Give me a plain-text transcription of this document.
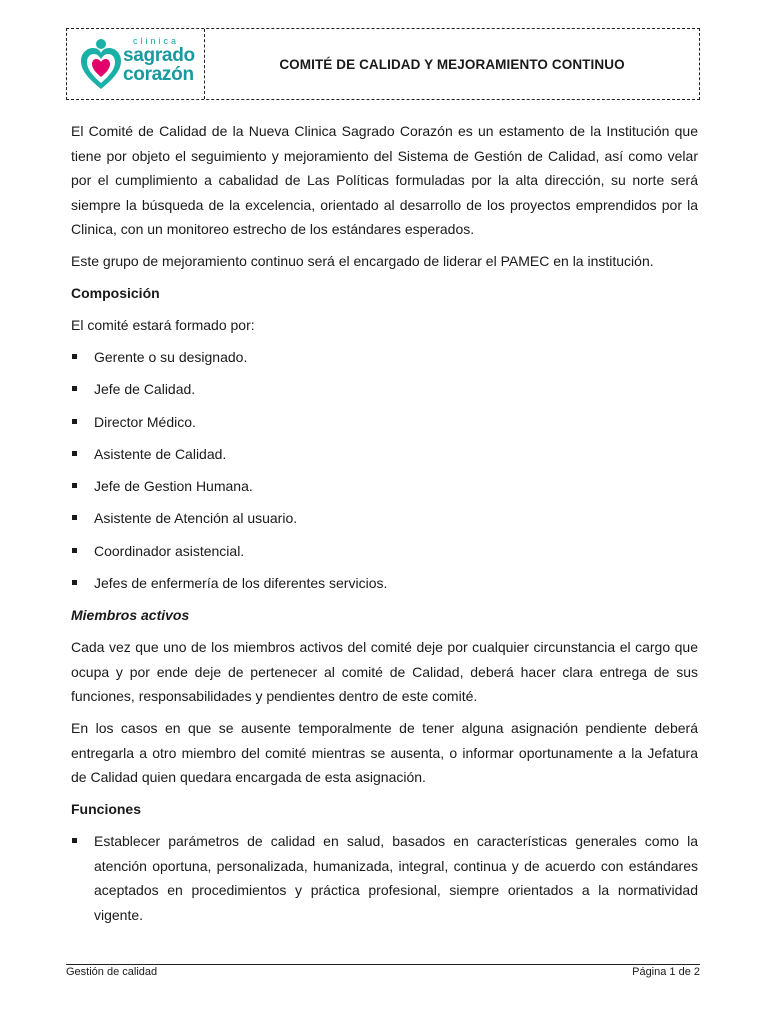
clinica
sagrado
corazón	COMITÉ DE CALIDAD Y MEJORAMIENTO CONTINUO

El Comité de Calidad de la Nueva Clinica Sagrado Corazón es un estamento de la Institución que tiene por objeto el seguimiento y mejoramiento del Sistema de Gestión de Calidad, así como velar por el cumplimiento a cabalidad de Las Políticas formuladas por la alta dirección, su norte será siempre la búsqueda de la excelencia, orientado al desarrollo de los proyectos emprendidos por la Clinica, con un monitoreo estrecho de los estándares esperados.

Este grupo de mejoramiento continuo será el encargado de liderar el PAMEC en la institución.

Composición

El comité estará formado por:

Gerente o su designado.
Jefe de Calidad.
Director Médico.
Asistente de Calidad.
Jefe de Gestion Humana.
Asistente de Atención al usuario.
Coordinador asistencial.
Jefes de enfermería de los diferentes servicios.
Miembros activos

Cada vez que uno de los miembros activos del comité deje por cualquier circunstancia el cargo que ocupa y por ende deje de pertenecer al comité de Calidad, deberá hacer clara entrega de sus funciones, responsabilidades y pendientes dentro de este comité.

En los casos en que se ausente temporalmente de tener alguna asignación pendiente deberá entregarla a otro miembro del comité mientras se ausenta, o informar oportunamente a la Jefatura de Calidad quien quedara encargada de esta asignación.

Funciones
Establecer parámetros de calidad en salud, basados en características generales como la atención oportuna, personalizada, humanizada, integral, continua y de acuerdo con estándares aceptados en procedimientos y práctica profesional, siempre orientados a la normatividad vigente.
Gestión de calidad	Página 1 de 2
